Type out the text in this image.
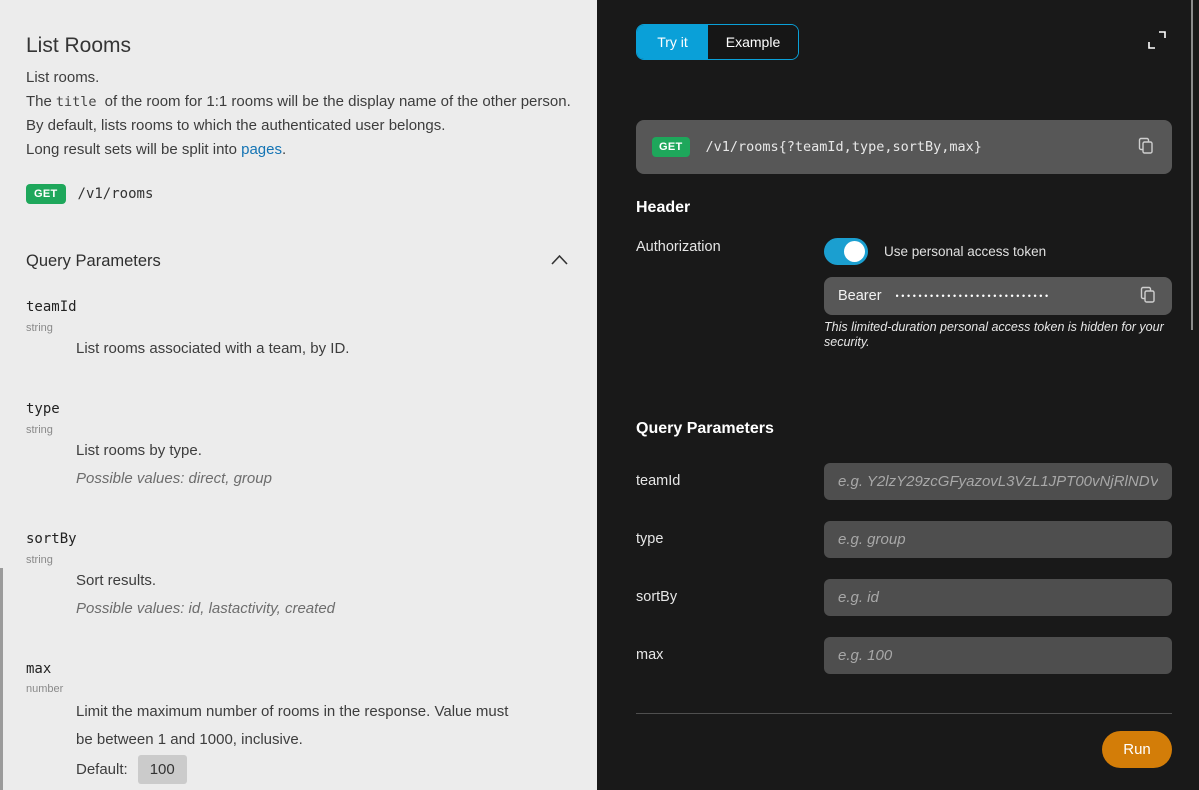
List Rooms
List rooms.
The title of the room for 1:1 rooms will be the display name of the other person.
By default, lists rooms to which the authenticated user belongs.
Long result sets will be split into pages.
GET	/v1/rooms
Query Parameters
teamId
string
List rooms associated with a team, by ID.
type
string
List rooms by type.
Possible values: direct, group
sortBy
string
Sort results.
Possible values: id, lastactivity, created
max
number
Limit the maximum number of rooms in the response. Value must be between 1 and 1000, inclusive.
Default:	100
Try it	Example
GET	/v1/rooms{?teamId,type,sortBy,max}
Header
Authorization	Use personal access token
Bearer •••••••••••••••••••••••••••
This limited-duration personal access token is hidden for your security.
Query Parameters
teamId
e.g. Y2lzY29zcGFyazovL3VzL1JPT00vNjRlNDVhZTAt
type
e.g. group
sortBy
e.g. id
max
e.g. 100
Run
